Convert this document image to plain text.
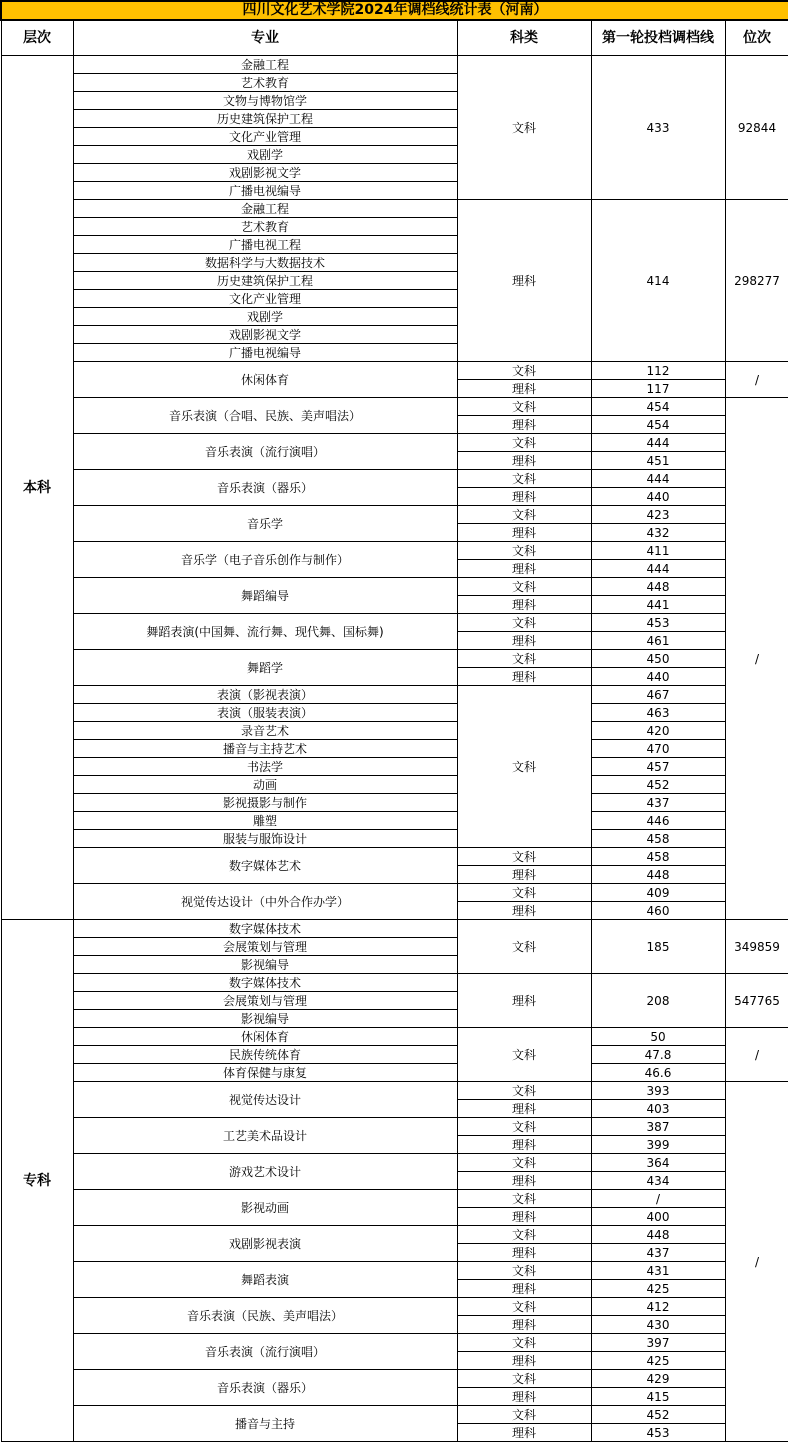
四川文化艺术学院2024年调档线统计表（河南）				
层次	专业	科类	第一轮投档调档线	位次
本科	金融工程	文科	433	92844
	艺术教育			
	文物与博物馆学			
	历史建筑保护工程			
	文化产业管理			
	戏剧学			
	戏剧影视文学			
	广播电视编导			
	金融工程	理科	414	298277
	艺术教育			
	广播电视工程			
	数据科学与大数据技术			
	历史建筑保护工程			
	文化产业管理			
	戏剧学			
	戏剧影视文学			
	广播电视编导			
	休闲体育	文科	112	/
		理科	117	
	音乐表演（合唱、民族、美声唱法）	文科	454	/
		理科	454	
	音乐表演（流行演唱）	文科	444	
		理科	451	
	音乐表演（器乐）	文科	444	
		理科	440	
	音乐学	文科	423	
		理科	432	
	音乐学（电子音乐创作与制作）	文科	411	
		理科	444	
	舞蹈编导	文科	448	
		理科	441	
	舞蹈表演(中国舞、流行舞、现代舞、国标舞)	文科	453	
		理科	461	
	舞蹈学	文科	450	
		理科	440	
	表演（影视表演）	文科	467	
	表演（服装表演）		463	
	录音艺术		420	
	播音与主持艺术		470	
	书法学		457	
	动画		452	
	影视摄影与制作		437	
	雕塑		446	
	服装与服饰设计		458	
	数字媒体艺术	文科	458	
		理科	448	
	视觉传达设计（中外合作办学）	文科	409	
		理科	460	
专科	数字媒体技术	文科	185	349859
	会展策划与管理			
	影视编导			
	数字媒体技术	理科	208	547765
	会展策划与管理			
	影视编导			
	休闲体育	文科	50	/
	民族传统体育		47.8	
	体育保健与康复		46.6	
	视觉传达设计	文科	393	/
		理科	403	
	工艺美术品设计	文科	387	
		理科	399	
	游戏艺术设计	文科	364	
		理科	434	
	影视动画	文科	/	
		理科	400	
	戏剧影视表演	文科	448	
		理科	437	
	舞蹈表演	文科	431	
		理科	425	
	音乐表演（民族、美声唱法）	文科	412	
		理科	430	
	音乐表演（流行演唱）	文科	397	
		理科	425	
	音乐表演（器乐）	文科	429	
		理科	415	
	播音与主持	文科	452	
		理科	453	
